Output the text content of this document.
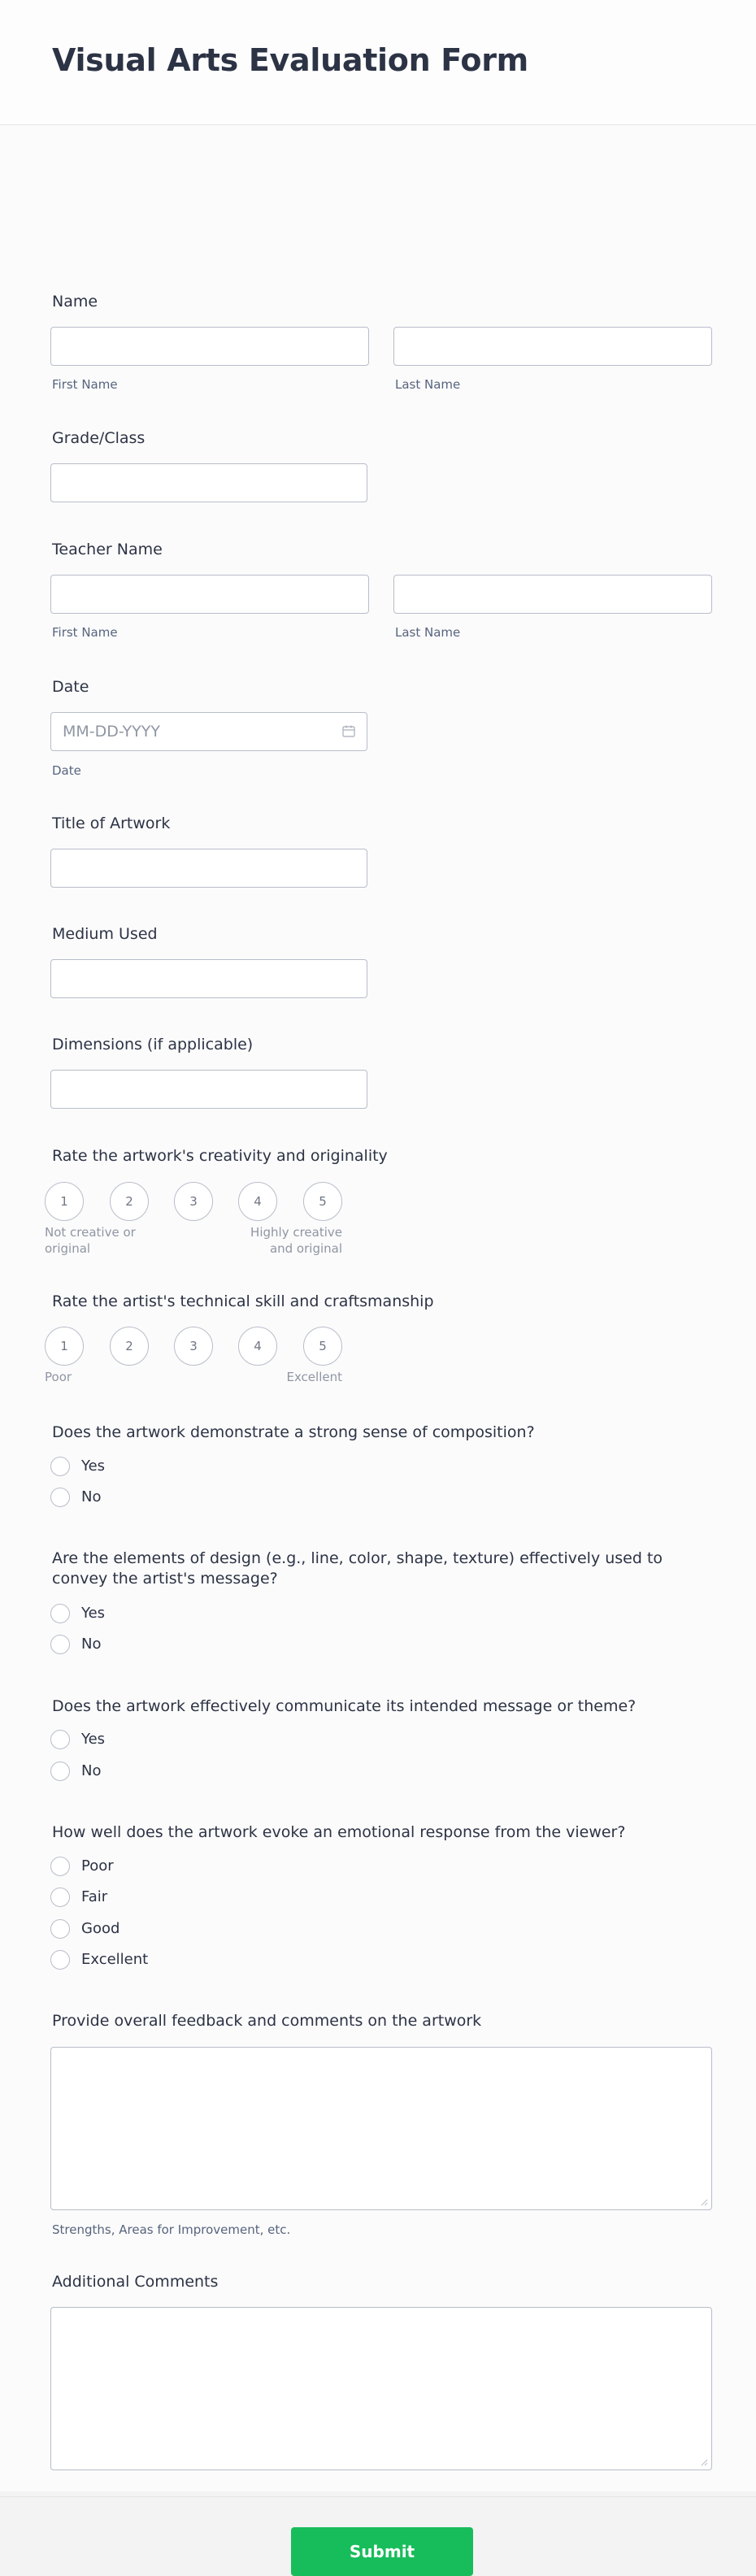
Visual Arts Evaluation Form
Name
First Name	Last Name
Grade/Class
Teacher Name
First Name	Last Name
Date
MM-DD-YYYY
Date
Title of Artwork
Medium Used
Dimensions (if applicable)
Rate the artwork's creativity and originality
1	2	3	4	5
Not creative or original
Highly creative and original
Rate the artist's technical skill and craftsmanship
1	2	3	4	5
Poor	Excellent
Does the artwork demonstrate a strong sense of composition?
Yes
No
Are the elements of design (e.g., line, color, shape, texture) effectively used to convey the artist's message?
Yes
No
Does the artwork effectively communicate its intended message or theme?
Yes
No
How well does the artwork evoke an emotional response from the viewer?
Poor
Fair
Good
Excellent
Provide overall feedback and comments on the artwork
Strengths, Areas for Improvement, etc.
Additional Comments
Submit
